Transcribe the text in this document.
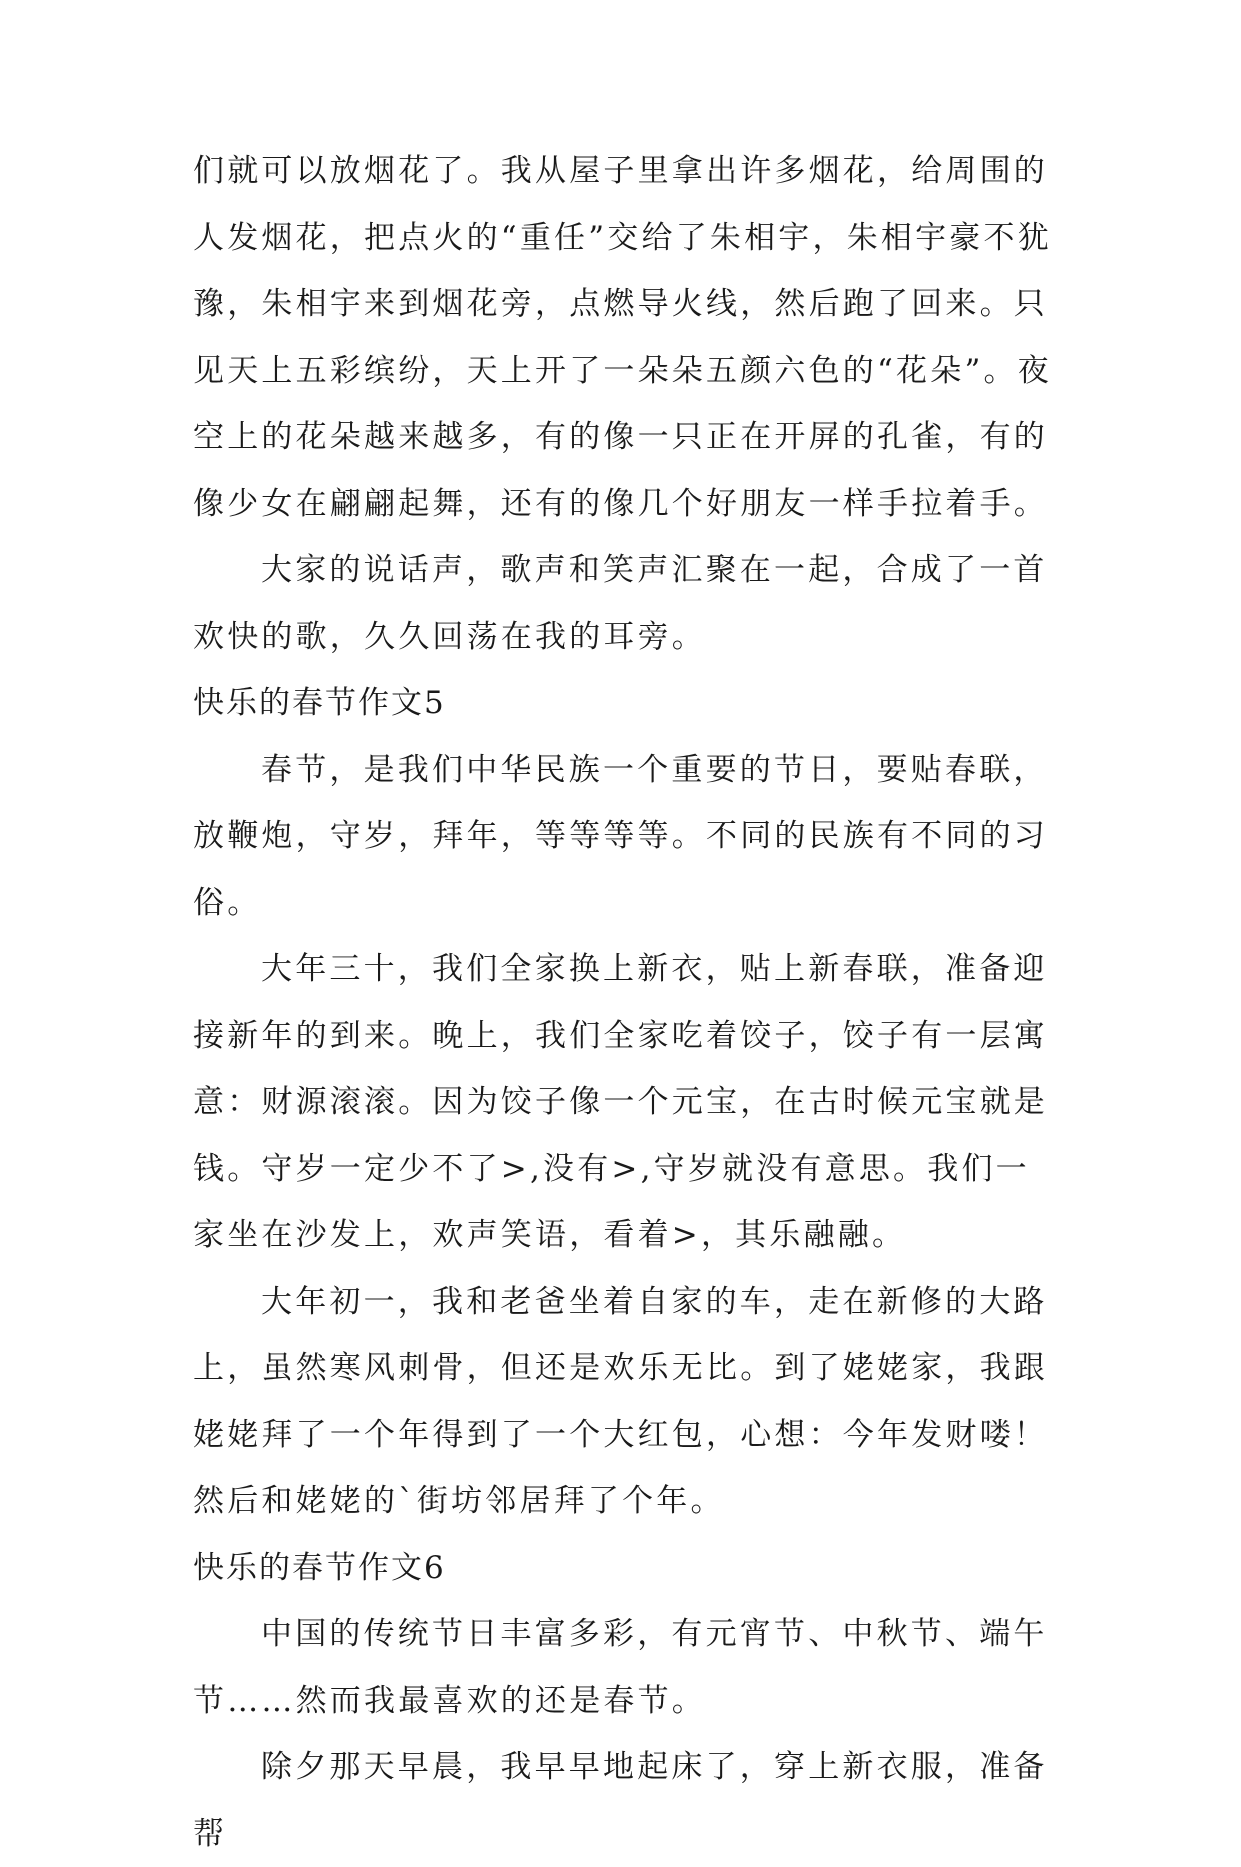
们就可以放烟花了。我从屋子里拿出许多烟花，给周围的人发烟花，把点火的“重任”交给了朱相宇，朱相宇豪不犹豫，朱相宇来到烟花旁，点燃导火线，然后跑了回来。只见天上五彩缤纷，天上开了一朵朵五颜六色的“花朵”。夜空上的花朵越来越多，有的像一只正在开屏的孔雀，有的像少女在翩翩起舞，还有的像几个好朋友一样手拉着手。

大家的说话声，歌声和笑声汇聚在一起，合成了一首欢快的歌，久久回荡在我的耳旁。

快乐的春节作文5

春节，是我们中华民族一个重要的节日，要贴春联，放鞭炮，守岁，拜年，等等等等。不同的民族有不同的习俗。

大年三十，我们全家换上新衣，贴上新春联，准备迎接新年的到来。晚上，我们全家吃着饺子，饺子有一层寓意：财源滚滚。因为饺子像一个元宝，在古时候元宝就是钱。守岁一定少不了>,没有>,守岁就没有意思。我们一家坐在沙发上，欢声笑语，看着>，其乐融融。

大年初一，我和老爸坐着自家的车，走在新修的大路上，虽然寒风刺骨，但还是欢乐无比。到了姥姥家，我跟姥姥拜了一个年得到了一个大红包，心想：今年发财喽！然后和姥姥的`街坊邻居拜了个年。

快乐的春节作文6

中国的传统节日丰富多彩，有元宵节、中秋节、端午节……然而我最喜欢的还是春节。

除夕那天早晨，我早早地起床了，穿上新衣服，准备帮
